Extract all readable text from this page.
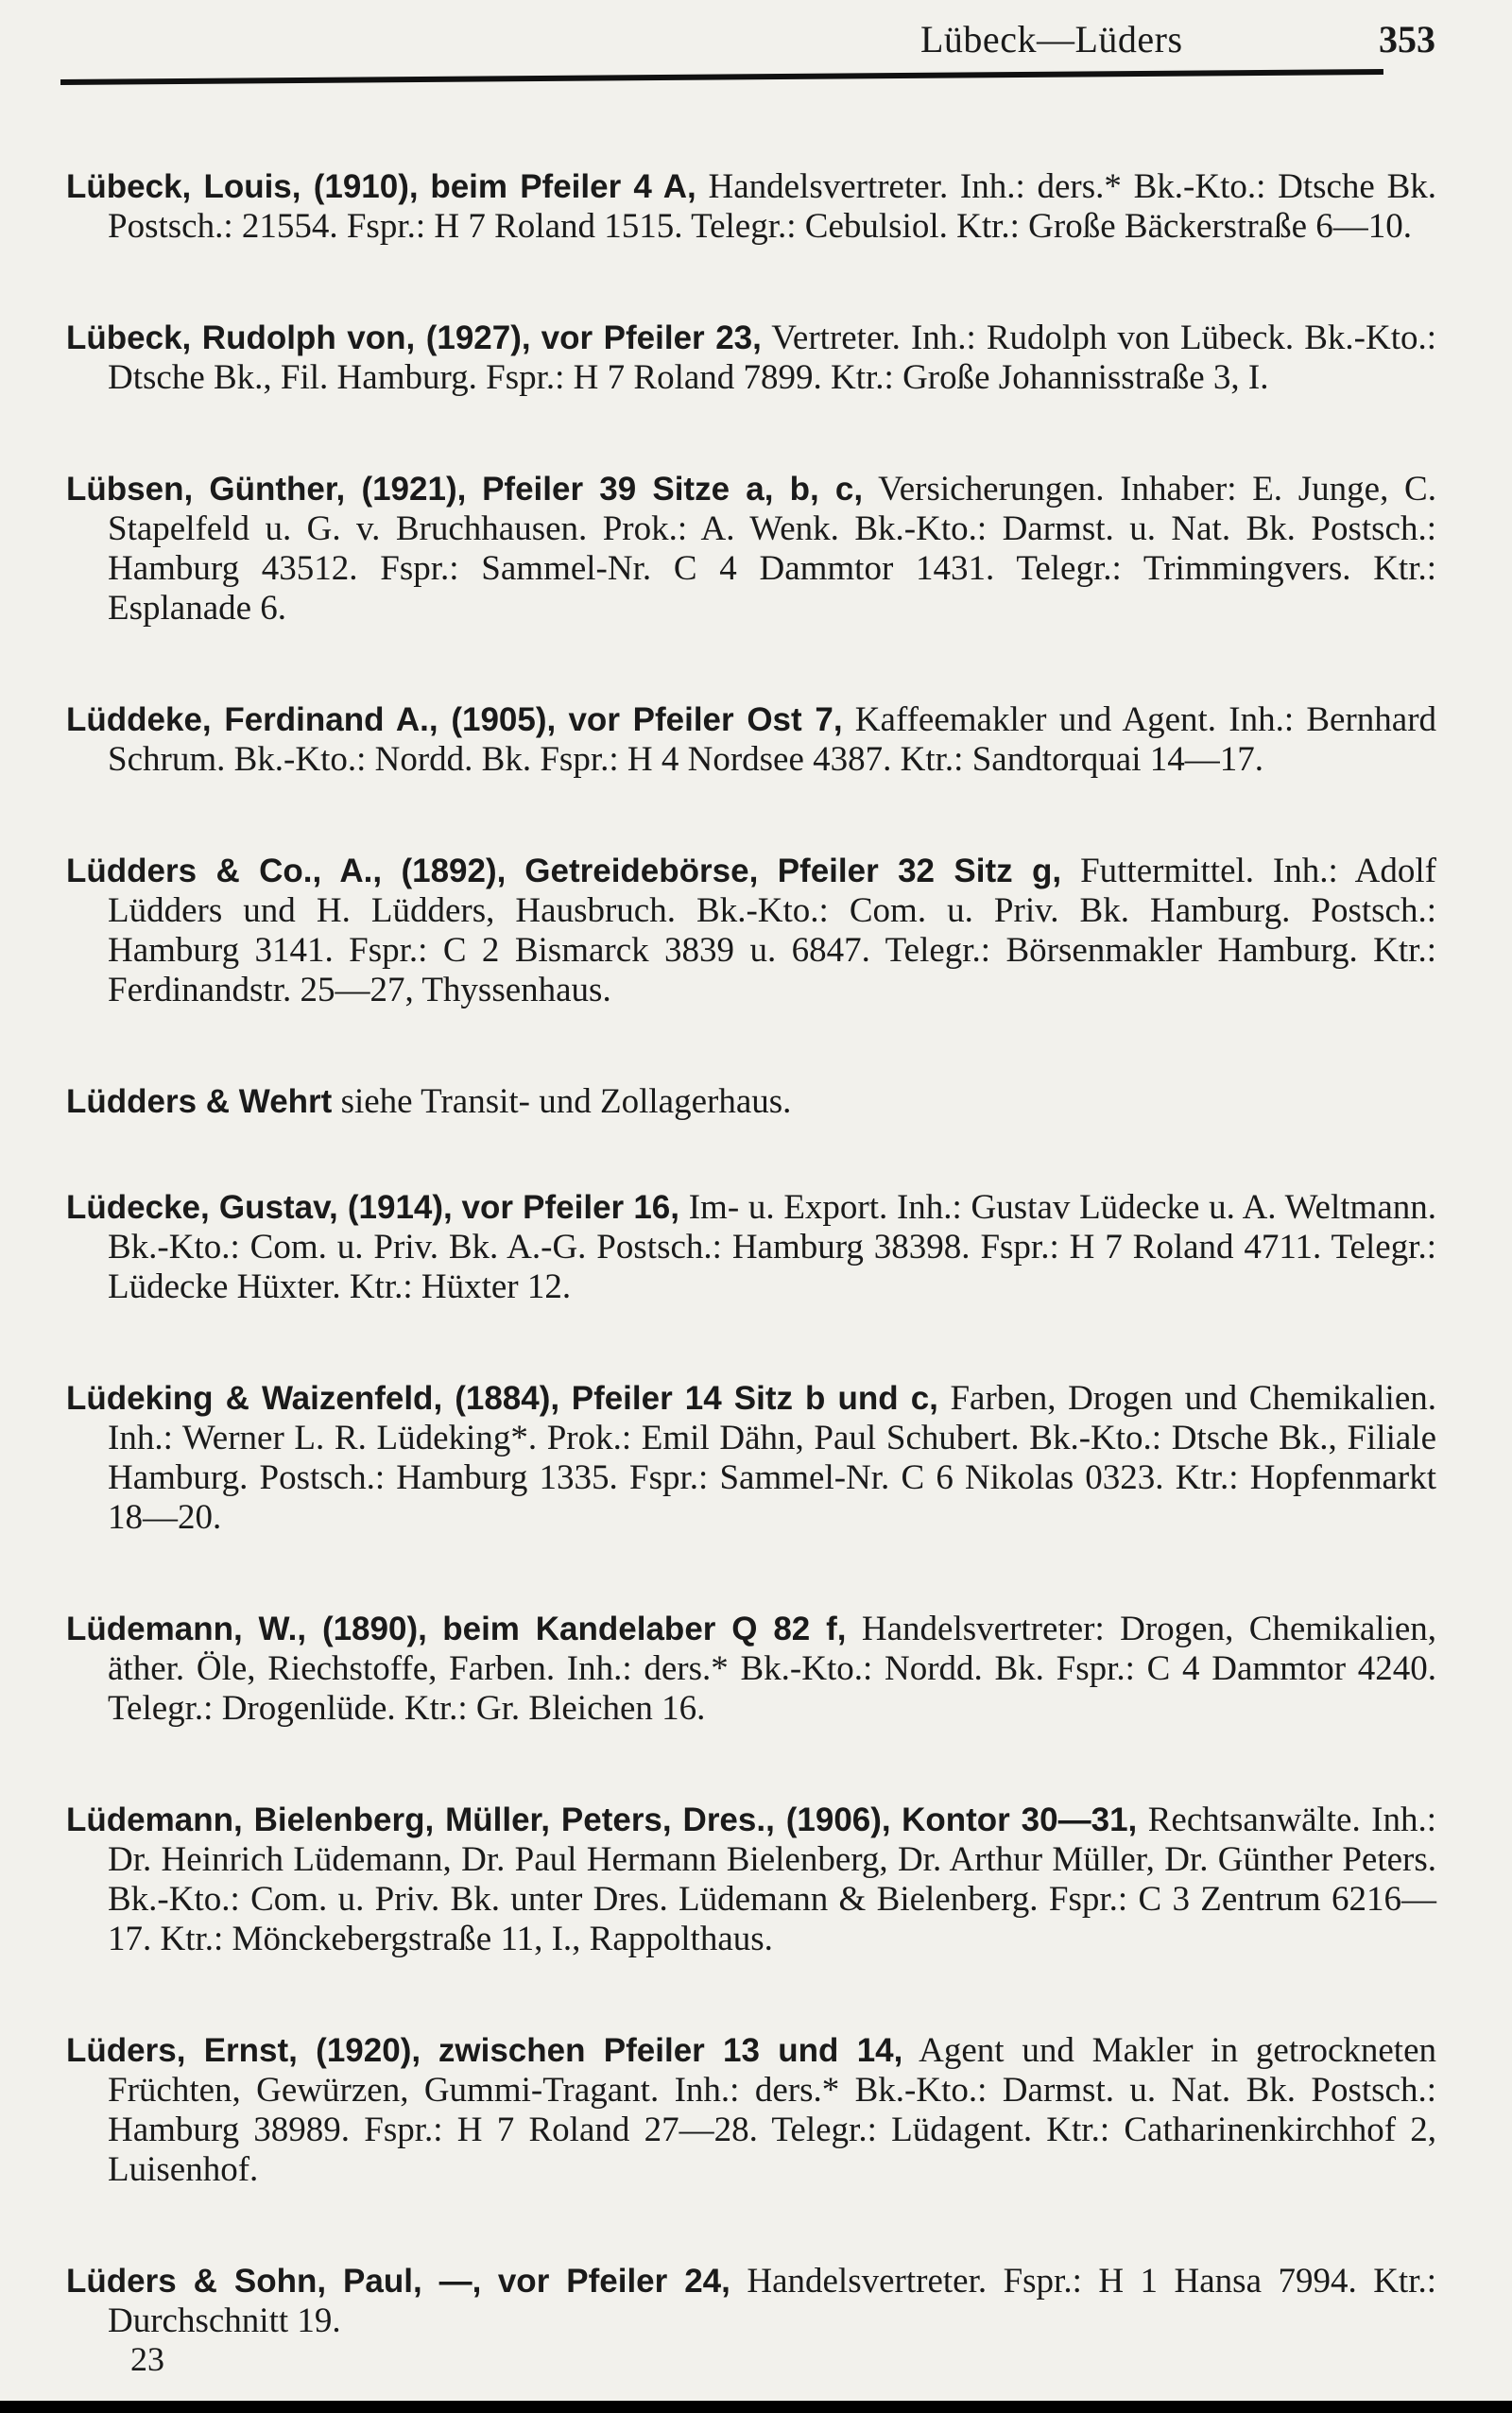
Lübeck—Lüders	353

Lübeck, Louis, (1910), beim Pfeiler 4 A, Handelsvertreter. Inh.: ders.* Bk.-Kto.: Dtsche Bk. Postsch.: 21554. Fspr.: H 7 Roland 1515. Telegr.: Cebulsiol. Ktr.: Große Bäckerstraße 6—10.

Lübeck, Rudolph von, (1927), vor Pfeiler 23, Vertreter. Inh.: Rudolph von Lübeck. Bk.-Kto.: Dtsche Bk., Fil. Hamburg. Fspr.: H 7 Roland 7899. Ktr.: Große Johannisstraße 3, I.

Lübsen, Günther, (1921), Pfeiler 39 Sitze a, b, c, Versicherungen. Inhaber: E. Junge, C. Stapelfeld u. G. v. Bruchhausen. Prok.: A. Wenk. Bk.-Kto.: Darmst. u. Nat. Bk. Postsch.: Hamburg 43512. Fspr.: Sammel-Nr. C 4 Dammtor 1431. Telegr.: Trimmingvers. Ktr.: Esplanade 6.

Lüddeke, Ferdinand A., (1905), vor Pfeiler Ost 7, Kaffeemakler und Agent. Inh.: Bernhard Schrum. Bk.-Kto.: Nordd. Bk. Fspr.: H 4 Nordsee 4387. Ktr.: Sandtorquai 14—17.

Lüdders & Co., A., (1892), Getreidebörse, Pfeiler 32 Sitz g, Futtermittel. Inh.: Adolf Lüdders und H. Lüdders, Hausbruch. Bk.-Kto.: Com. u. Priv. Bk. Hamburg. Postsch.: Hamburg 3141. Fspr.: C 2 Bismarck 3839 u. 6847. Telegr.: Börsenmakler Hamburg. Ktr.: Ferdinandstr. 25—27, Thyssenhaus.

Lüdders & Wehrt siehe Transit- und Zollagerhaus.

Lüdecke, Gustav, (1914), vor Pfeiler 16, Im- u. Export. Inh.: Gustav Lüdecke u. A. Weltmann. Bk.-Kto.: Com. u. Priv. Bk. A.-G. Postsch.: Hamburg 38398. Fspr.: H 7 Roland 4711. Telegr.: Lüdecke Hüxter. Ktr.: Hüxter 12.

Lüdeking & Waizenfeld, (1884), Pfeiler 14 Sitz b und c, Farben, Drogen und Chemikalien. Inh.: Werner L. R. Lüdeking*. Prok.: Emil Dähn, Paul Schubert. Bk.-Kto.: Dtsche Bk., Filiale Hamburg. Postsch.: Hamburg 1335. Fspr.: Sammel-Nr. C 6 Nikolas 0323. Ktr.: Hopfenmarkt 18—20.

Lüdemann, W., (1890), beim Kandelaber Q 82 f, Handelsvertreter: Drogen, Chemikalien, äther. Öle, Riechstoffe, Farben. Inh.: ders.* Bk.-Kto.: Nordd. Bk. Fspr.: C 4 Dammtor 4240. Telegr.: Drogenlüde. Ktr.: Gr. Bleichen 16.

Lüdemann, Bielenberg, Müller, Peters, Dres., (1906), Kontor 30—31, Rechtsanwälte. Inh.: Dr. Heinrich Lüdemann, Dr. Paul Hermann Bielenberg, Dr. Arthur Müller, Dr. Günther Peters. Bk.-Kto.: Com. u. Priv. Bk. unter Dres. Lüdemann & Bielenberg. Fspr.: C 3 Zentrum 6216—17. Ktr.: Mönckebergstraße 11, I., Rappolthaus.

Lüders, Ernst, (1920), zwischen Pfeiler 13 und 14, Agent und Makler in getrockneten Früchten, Gewürzen, Gummi-Tragant. Inh.: ders.* Bk.-Kto.: Darmst. u. Nat. Bk. Postsch.: Hamburg 38989. Fspr.: H 7 Roland 27—28. Telegr.: Lüdagent. Ktr.: Catharinenkirchhof 2, Luisenhof.

Lüders & Sohn, Paul, —, vor Pfeiler 24, Handelsvertreter. Fspr.: H 1 Hansa 7994. Ktr.: Durchschnitt 19.

23
